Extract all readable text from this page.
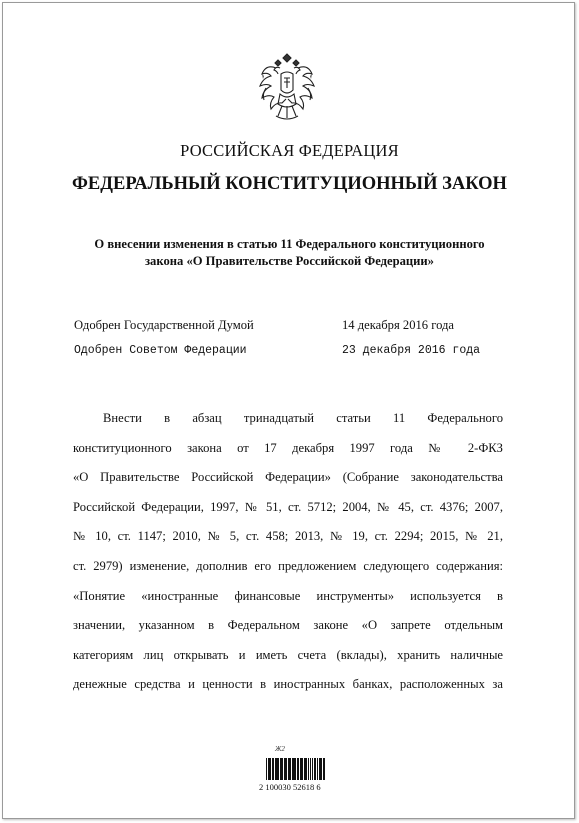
РОССИЙСКАЯ ФЕДЕРАЦИЯ
ФЕДЕРАЛЬНЫЙ КОНСТИТУЦИОННЫЙ ЗАКОН
О внесении изменения в статью 11 Федерального конституционного
закона «О Правительстве Российской Федерации»
Одобрен Государственной Думой	14 декабря 2016 года
Одобрен Советом Федерации	23 декабря 2016 года
Внести в абзац тринадцатый статьи 11 Федерального
конституционного закона от 17 декабря 1997 года № 2-ФКЗ
«О Правительстве Российской Федерации» (Собрание законодательства
Российской Федерации, 1997, № 51, ст. 5712; 2004, № 45, ст. 4376; 2007,
№ 10, ст. 1147; 2010, № 5, ст. 458; 2013, № 19, ст. 2294; 2015, № 21,
ст. 2979) изменение, дополнив его предложением следующего содержания:
«Понятие «иностранные финансовые инструменты» используется в
значении, указанном в Федеральном законе «О запрете отдельным
категориям лиц открывать и иметь счета (вклады), хранить наличные
денежные средства и ценности в иностранных банках, расположенных за
Ж2
2 100030 52618 6
